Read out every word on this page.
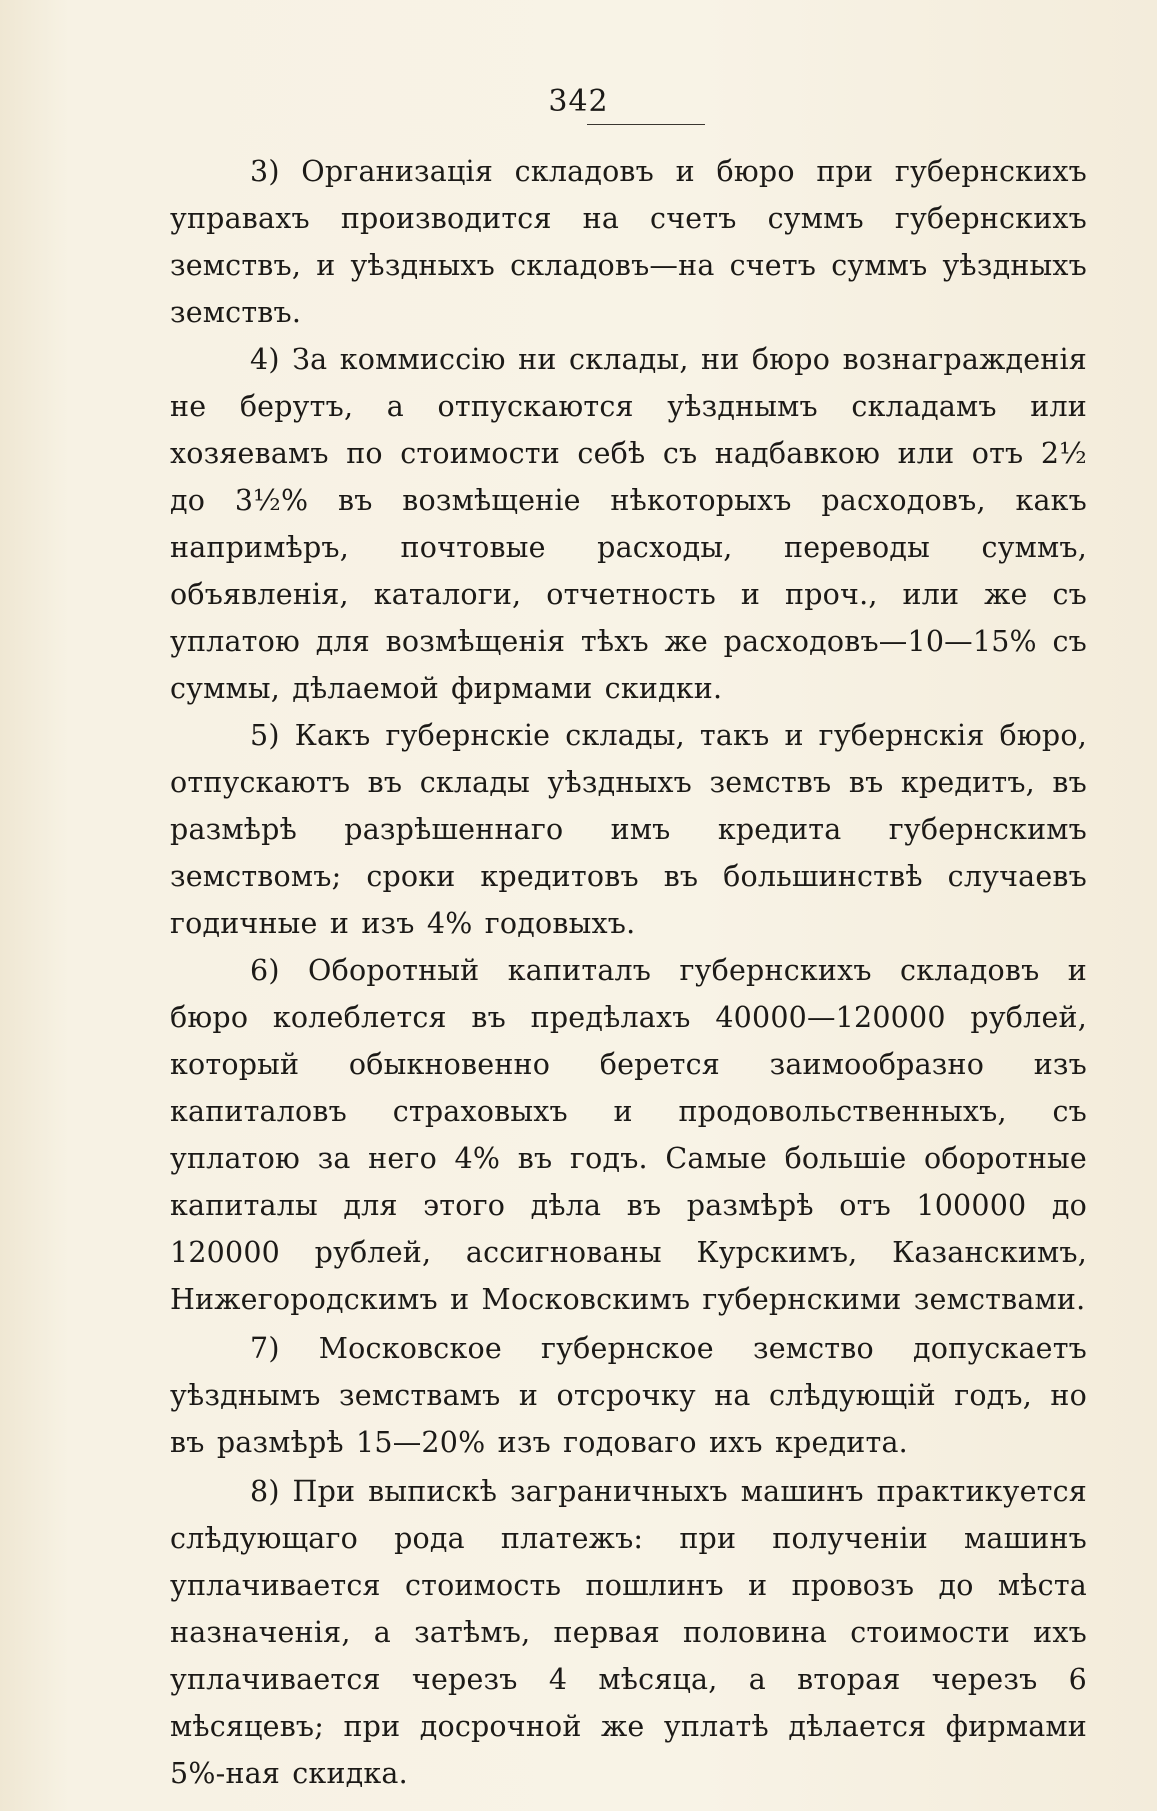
342

3) Организація складовъ и бюро при губернскихъ управахъ производится на счетъ суммъ губернскихъ земствъ, и уѣздныхъ складовъ—на счетъ суммъ уѣздныхъ земствъ.

4) За коммиссію ни склады, ни бюро вознагражденія не берутъ, а отпускаются уѣзднымъ складамъ или хозяевамъ по стоимости себѣ съ надбавкою или отъ 2½ до 3½% въ возмѣщеніе нѣкоторыхъ расходовъ, какъ напримѣръ, почтовые расходы, переводы суммъ, объявленія, каталоги, отчетность и проч., или же съ уплатою для возмѣщенія тѣхъ же расходовъ—10—15% съ суммы, дѣлаемой фирмами скидки.

5) Какъ губернскіе склады, такъ и губернскія бюро, отпускаютъ въ склады уѣздныхъ земствъ въ кредитъ, въ размѣрѣ разрѣшеннаго имъ кредита губернскимъ земствомъ; сроки кредитовъ въ большинствѣ случаевъ годичные и изъ 4% годовыхъ.

6) Оборотный капиталъ губернскихъ складовъ и бюро колеблется въ предѣлахъ 40000—120000 рублей, который обыкновенно берется заимообразно изъ капиталовъ страховыхъ и продовольственныхъ, съ уплатою за него 4% въ годъ. Самые большіе оборотные капиталы для этого дѣла въ размѣрѣ отъ 100000 до 120000 рублей, ассигнованы Курскимъ, Казанскимъ, Нижегородскимъ и Московскимъ губернскими земствами.

7) Московское губернское земство допускаетъ уѣзднымъ земствамъ и отсрочку на слѣдующій годъ, но въ размѣрѣ 15—20% изъ годоваго ихъ кредита.

8) При выпискѣ заграничныхъ машинъ практикуется слѣдующаго рода платежъ: при полученіи машинъ уплачивается стоимость пошлинъ и провозъ до мѣста назначенія, а затѣмъ, первая половина стоимости ихъ уплачивается черезъ 4 мѣсяца, а вторая черезъ 6 мѣсяцевъ; при досрочной же уплатѣ дѣлается фирмами 5%-ная скидка.
